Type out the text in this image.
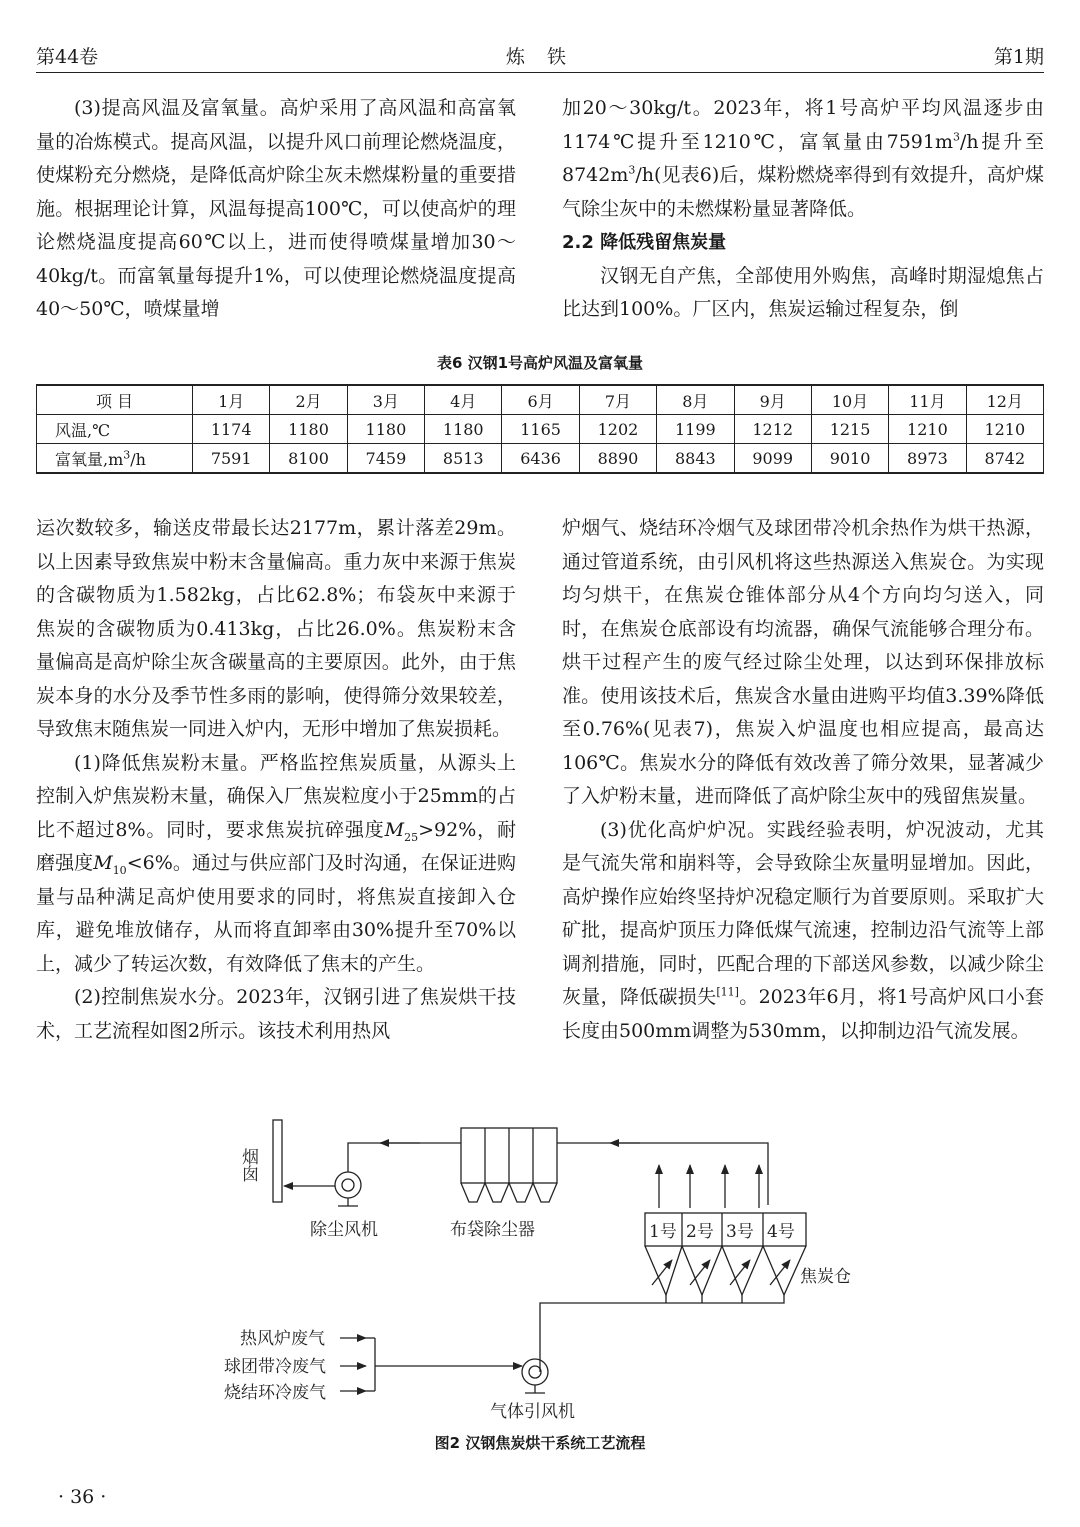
第44卷	炼 铁	第1期

(3)提高风温及富氧量。高炉采用了高风温和高富氧量的冶炼模式。提高风温，以提升风口前理论燃烧温度，使煤粉充分燃烧，是降低高炉除尘灰未燃煤粉量的重要措施。根据理论计算，风温每提高100℃，可以使高炉的理论燃烧温度提高60℃以上，进而使得喷煤量增加30～40kg/t。而富氧量每提升1%，可以使理论燃烧温度提高40～50℃，喷煤量增

加20～30kg/t。2023年，将1号高炉平均风温逐步由1174℃提升至1210℃，富氧量由$7591m^3/h$提升至$8742m^3/h$(见表6)后，煤粉燃烧率得到有效提升，高炉煤气除尘灰中的未燃煤粉量显著降低。

2.2 降低残留焦炭量

汉钢无自产焦，全部使用外购焦，高峰时期湿熄焦占比达到100%。厂区内，焦炭运输过程复杂，倒

表6 汉钢1号高炉风温及富氧量
项 目	1月	2月	3月	4月	6月	7月	8月	9月	10月	11月	12月
风温,℃	1174	1180	1180	1180	1165	1202	1199	1212	1215	1210	1210
富氧量$,m^3/h$	7591	8100	7459	8513	6436	8890	8843	9099	9010	8973	8742

运次数较多，输送皮带最长达2177m，累计落差29m。以上因素导致焦炭中粉末含量偏高。重力灰中来源于焦炭的含碳物质为1.582kg，占比62.8%；布袋灰中来源于焦炭的含碳物质为0.413kg，占比26.0%。焦炭粉末含量偏高是高炉除尘灰含碳量高的主要原因。此外，由于焦炭本身的水分及季节性多雨的影响，使得筛分效果较差，导致焦末随焦炭一同进入炉内，无形中增加了焦炭损耗。

(1)降低焦炭粉末量。严格监控焦炭质量，从源头上控制入炉焦炭粉末量，确保入厂焦炭粒度小于25mm的占比不超过8%。同时，要求焦炭抗碎强度$M_{25}>92\%$，耐磨强度$M_{10}<6\%$。通过与供应部门及时沟通，在保证进购量与品种满足高炉使用要求的同时，将焦炭直接卸入仓库，避免堆放储存，从而将直卸率由30%提升至70%以上，减少了转运次数，有效降低了焦末的产生。

(2)控制焦炭水分。2023年，汉钢引进了焦炭烘干技术，工艺流程如图2所示。该技术利用热风

炉烟气、烧结环冷烟气及球团带冷机余热作为烘干热源，通过管道系统，由引风机将这些热源送入焦炭仓。为实现均匀烘干，在焦炭仓锥体部分从4个方向均匀送入，同时，在焦炭仓底部设有均流器，确保气流能够合理分布。烘干过程产生的废气经过除尘处理，以达到环保排放标准。使用该技术后，焦炭含水量由进购平均值3.39%降低至0.76%(见表7)，焦炭入炉温度也相应提高，最高达106℃。焦炭水分的降低有效改善了筛分效果，显著减少了入炉粉末量，进而降低了高炉除尘灰中的残留焦炭量。

(3)优化高炉炉况。实践经验表明，炉况波动，尤其是气流失常和崩料等，会导致除尘灰量明显增加。因此，高炉操作应始终坚持炉况稳定顺行为首要原则。采取扩大矿批，提高炉顶压力降低煤气流速，控制边沿气流等上部调剂措施，同时，匹配合理的下部送风参数，以减少除尘灰量，降低碳损失[11]。2023年6月，将1号高炉风口小套长度由500mm调整为530mm，以抑制边沿气流发展。

烟囱
除尘风机	布袋除尘器	1号 2号 3号 4号
焦炭仓
热风炉废气
球团带冷废气
烧结环冷废气
气体引风机
图2 汉钢焦炭烘干系统工艺流程
· 36 ·
